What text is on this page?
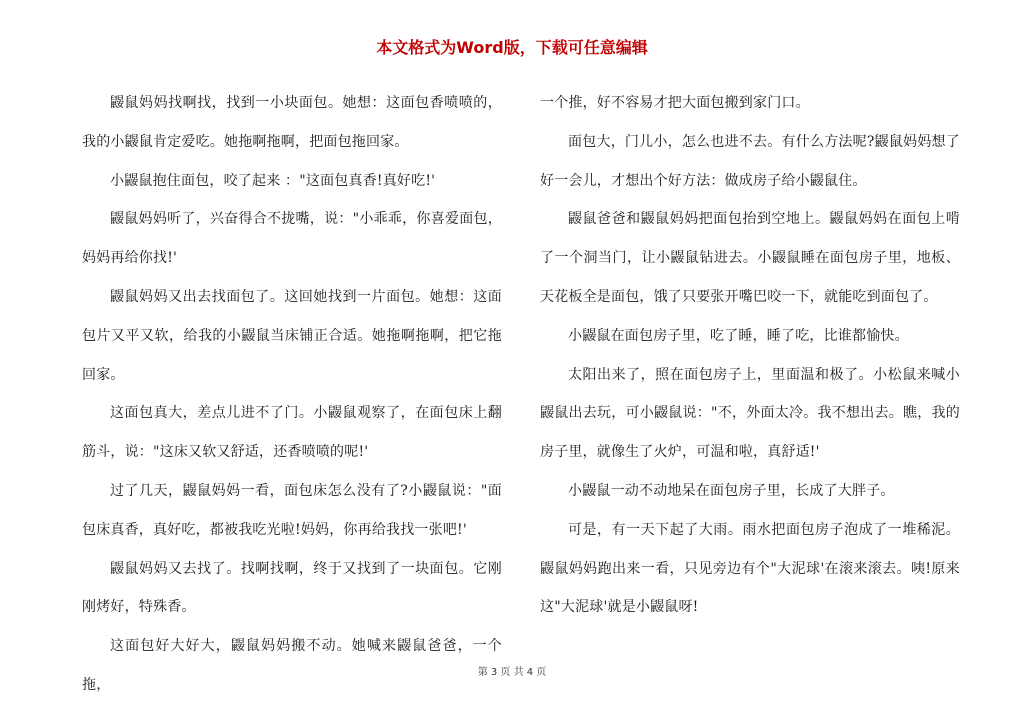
本文格式为Word版，下载可任意编辑

鼹鼠妈妈找啊找，找到一小块面包。她想：这面包香喷喷的，我的小鼹鼠肯定爱吃。她拖啊拖啊，把面包拖回家。

小鼹鼠抱住面包，咬了起来 ："这面包真香!真好吃!'

鼹鼠妈妈听了，兴奋得合不拢嘴，说："小乖乖，你喜爱面包，妈妈再给你找!'

鼹鼠妈妈又出去找面包了。这回她找到一片面包。她想：这面包片又平又软，给我的小鼹鼠当床铺正合适。她拖啊拖啊，把它拖回家。

这面包真大，差点儿进不了门。小鼹鼠观察了，在面包床上翻筋斗，说："这床又软又舒适，还香喷喷的呢!'

过了几天，鼹鼠妈妈一看，面包床怎么没有了?小鼹鼠说："面包床真香，真好吃，都被我吃光啦!妈妈，你再给我找一张吧!'

鼹鼠妈妈又去找了。找啊找啊，终于又找到了一块面包。它刚刚烤好，特殊香。

这面包好大好大，鼹鼠妈妈搬不动。她喊来鼹鼠爸爸，一个拖，

一个推，好不容易才把大面包搬到家门口。

面包大，门儿小，怎么也进不去。有什么方法呢?鼹鼠妈妈想了好一会儿，才想出个好方法：做成房子给小鼹鼠住。

鼹鼠爸爸和鼹鼠妈妈把面包抬到空地上。鼹鼠妈妈在面包上啃了一个洞当门，让小鼹鼠钻进去。小鼹鼠睡在面包房子里，地板、天花板全是面包，饿了只要张开嘴巴咬一下，就能吃到面包了。

小鼹鼠在面包房子里，吃了睡，睡了吃，比谁都愉快。

太阳出来了，照在面包房子上，里面温和极了。小松鼠来喊小鼹鼠出去玩，可小鼹鼠说："不，外面太冷。我不想出去。瞧，我的房子里，就像生了火炉，可温和啦，真舒适!'

小鼹鼠一动不动地呆在面包房子里，长成了大胖子。

可是，有一天下起了大雨。雨水把面包房子泡成了一堆稀泥。鼹鼠妈妈跑出来一看，只见旁边有个"大泥球'在滚来滚去。咦!原来这"大泥球'就是小鼹鼠呀!

第 3 页 共 4 页
